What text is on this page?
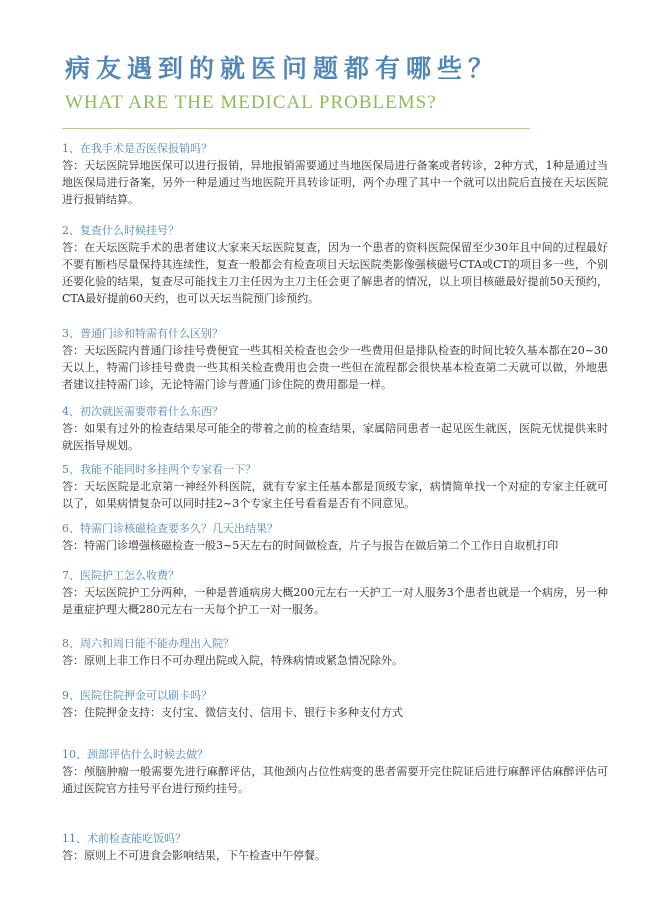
病友遇到的就医问题都有哪些？
WHAT ARE THE MEDICAL PROBLEMS?
1、在我手术是否医保报销吗？
答：天坛医院异地医保可以进行报销，异地报销需要通过当地医保局进行备案或者转诊，2种方式，1种是通过当地医保局进行备案，另外一种是通过当地医院开具转诊证明，两个办理了其中一个就可以出院后直接在天坛医院进行报销结算。
2、复查什么时候挂号？
答：在天坛医院手术的患者建议大家来天坛医院复查，因为一个患者的资料医院保留至少30年且中间的过程最好不要有断档尽量保持其连续性，复查一般都会有检查项目天坛医院类影像强核磁号CTA或CT的项目多一些，个别还要化验的结果，复查尽可能找主刀主任因为主刀主任会更了解患者的情况，以上项目核磁最好提前50天预约，CTA最好提前60天约，也可以天坛当院预门诊预约。
3、普通门诊和特需有什么区别？
答：天坛医院内普通门诊挂号费便宜一些其相关检查也会少一些费用但是排队检查的时间比较久基本都在20~30天以上，特需门诊挂号费贵一些其相关检查费用也会贵一些但在流程都会很快基本检查第二天就可以做，外地患者建议挂特需门诊，无论特需门诊与普通门诊住院的费用都是一样。
4、初次就医需要带着什么东西？
答：如果有过外的检查结果尽可能全的带着之前的检查结果，家属陪同患者一起见医生就医，医院无忧提供来时就医指导规划。
5、我能不能同时多挂两个专家看一下？
答：天坛医院是北京第一神经外科医院，就有专家主任基本都是顶级专家，病情简单找一个对症的专家主任就可以了，如果病情复杂可以同时挂2~3个专家主任号看看是否有不同意见。
6、特需门诊核磁检查要多久？几天出结果？
答：特需门诊增强核磁检查一般3~5天左右的时间做检查，片子与报告在做后第二个工作日自取机打印
7、医院护工怎么收费？
答：天坛医院护工分两种，一种是普通病房大概200元左右一天护工一对人服务3个患者也就是一个病房，另一种是重症护理大概280元左右一天每个护工一对一服务。
8、周六和周日能不能办理出入院？
答：原则上非工作日不可办理出院或入院，特殊病情或紧急情况除外。
9、医院住院押金可以刷卡吗？
答：住院押金支持：支付宝、微信支付、信用卡、银行卡多种支付方式
10、颈部评估什么时候去做？
答：颅脑肿瘤一般需要先进行麻醉评估，其他颈内占位性病变的患者需要开完住院证后进行麻醉评估麻醉评估可通过医院官方挂号平台进行预约挂号。
11、术前检查能吃饭吗？
答：原则上不可进食会影响结果，下午检查中午停餐。
